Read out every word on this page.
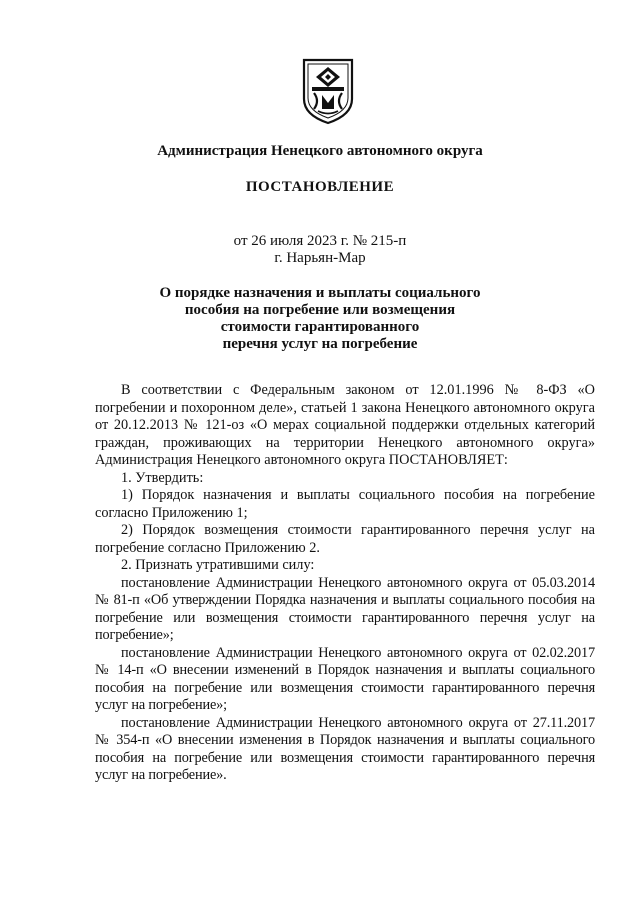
Администрация Ненецкого автономного округа
ПОСТАНОВЛЕНИЕ
от 26 июля 2023 г. № 215-п
г. Нарьян-Мар
О порядке назначения и выплаты социального
пособия на погребение или возмещения
стоимости гарантированного
перечня услуг на погребение

В соответствии с Федеральным законом от 12.01.1996 № 8-ФЗ «О погребении и похоронном деле», статьей 1 закона Ненецкого автономного округа от 20.12.2013 № 121-оз «О мерах социальной поддержки отдельных категорий граждан, проживающих на территории Ненецкого автономного округа» Администрация Ненецкого автономного округа ПОСТАНОВЛЯЕТ:

1. Утвердить:

1) Порядок назначения и выплаты социального пособия на погребение согласно Приложению 1;

2) Порядок возмещения стоимости гарантированного перечня услуг на погребение согласно Приложению 2.

2. Признать утратившими силу:

постановление Администрации Ненецкого автономного округа от 05.03.2014 № 81-п «Об утверждении Порядка назначения и выплаты социального пособия на погребение или возмещения стоимости гарантированного перечня услуг на погребение»;

постановление Администрации Ненецкого автономного округа от 02.02.2017 № 14-п «О внесении изменений в Порядок назначения и выплаты социального пособия на погребение или возмещения стоимости гарантированного перечня услуг на погребение»;

постановление Администрации Ненецкого автономного округа от 27.11.2017 № 354-п «О внесении изменения в Порядок назначения и выплаты социального пособия на погребение или возмещения стоимости гарантированного перечня услуг на погребение».
